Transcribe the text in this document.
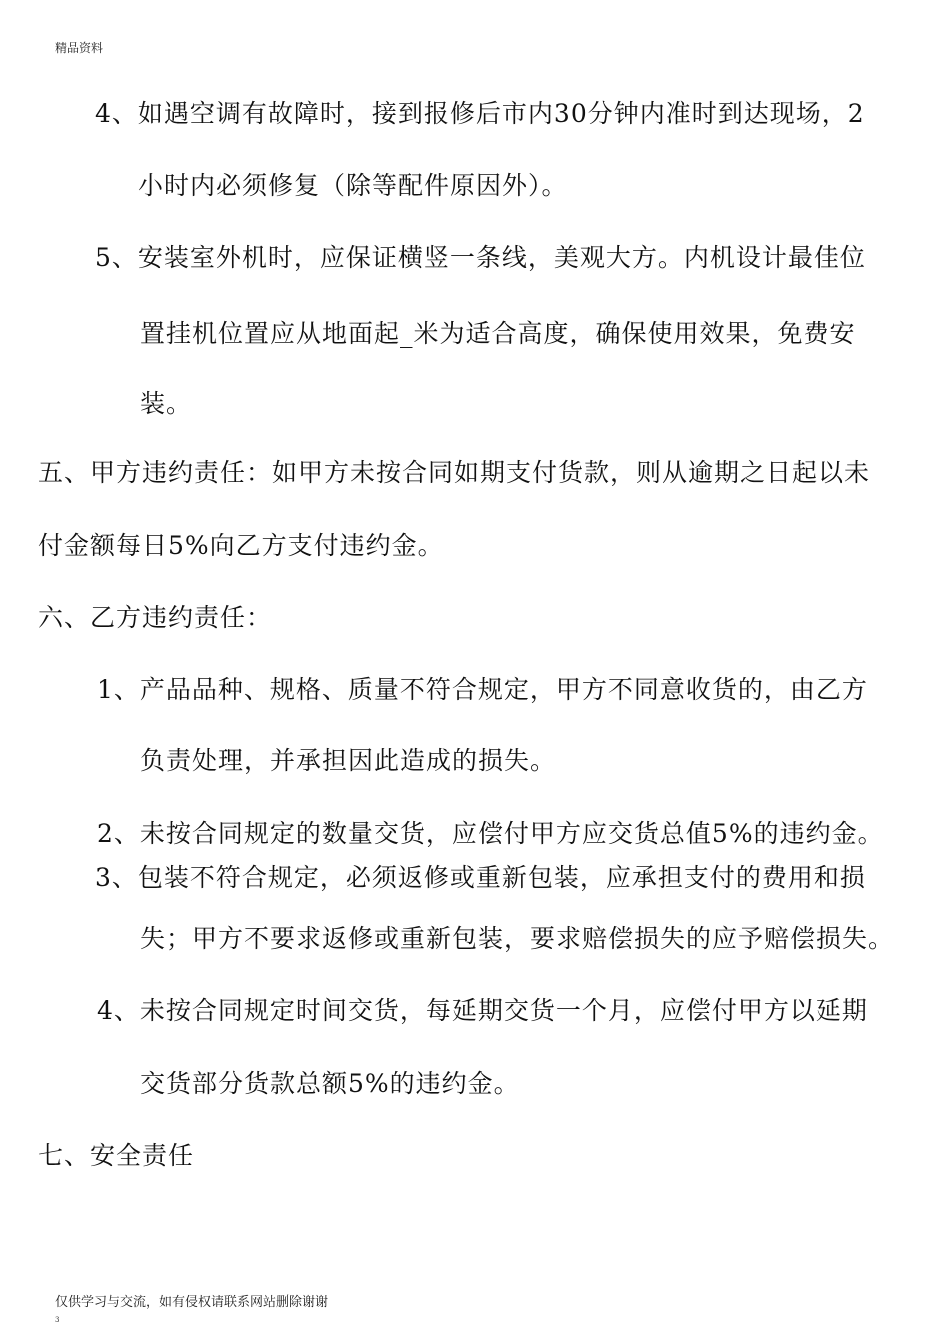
精品资料
4、如遇空调有故障时，接到报修后市内30分钟内准时到达现场，2
小时内必须修复（除等配件原因外）。
5、安装室外机时，应保证横竖一条线，美观大方。内机设计最佳位
置挂机位置应从地面起_米为适合高度，确保使用效果，免费安
装。
五、甲方违约责任：如甲方未按合同如期支付货款，则从逾期之日起以未
付金额每日5%向乙方支付违约金。
六、乙方违约责任：
1、产品品种、规格、质量不符合规定，甲方不同意收货的，由乙方
负责处理，并承担因此造成的损失。
2、未按合同规定的数量交货，应偿付甲方应交货总值5%的违约金。
3、包装不符合规定，必须返修或重新包装，应承担支付的费用和损
失；甲方不要求返修或重新包装，要求赔偿损失的应予赔偿损失。
4、未按合同规定时间交货，每延期交货一个月，应偿付甲方以延期
交货部分货款总额5%的违约金。
七、安全责任
仅供学习与交流，如有侵权请联系网站删除谢谢
3
